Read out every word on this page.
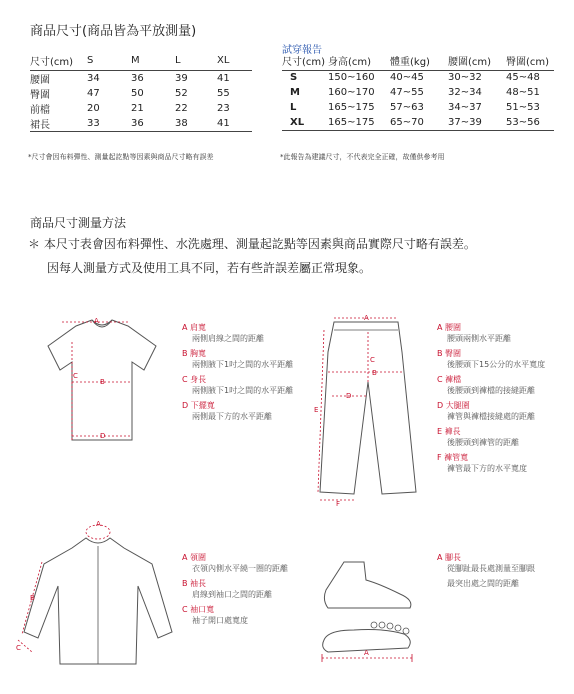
商品尺寸(商品皆為平放測量)
尺寸(cm)	S	M	L	XL
腰圍	34	36	39	41
臀圍	47	50	52	55
前檔	20	21	22	23
裙長	33	36	38	41
*尺寸會因布料彈性、測量起訖點等因素與商品尺寸略有誤差
試穿報告
尺寸(cm)	身高(cm)	體重(kg)	腰圍(cm)	臀圍(cm)
S	150~160	40~45	30~32	45~48
M	160~170	47~55	32~34	48~51
L	165~175	57~63	34~37	51~53
XL	165~175	65~70	37~39	53~56
*此報告為建議尺寸，不代表完全正確，故僅供參考用
商品尺寸測量方法
＊ 本尺寸表會因布料彈性、水洗處理、測量起訖點等因素與商品實際尺寸略有誤差。
因每人測量方式及使用工具不同，若有些許誤差屬正常現象。
A
B
C
D
A 肩寬
兩側肩線之間的距離
B 胸寬
兩側腋下1吋之間的水平距離
C 身長
兩側腋下1吋之間的水平距離
D 下擺寬
兩側最下方的水平距離
A
B
C
D
E
F
A 腰圍
腰頭兩側水平距離
B 臀圍
後腰頭下15公分的水平寬度
C 褲檔
後腰頭到褲檔的接縫距離
D 大腿圍
褲管與褲檔接縫處的距離
E 褲長
後腰頭到褲管的距離
F 褲管寬
褲管最下方的水平寬度
A
B
C
A 領圍
衣領內側水平繞一圈的距離
B 袖長
肩線到袖口之間的距離
C 袖口寬
袖子開口處寬度
A
A 腳長
從腳趾最長處測量至腳跟
最突出處之間的距離
